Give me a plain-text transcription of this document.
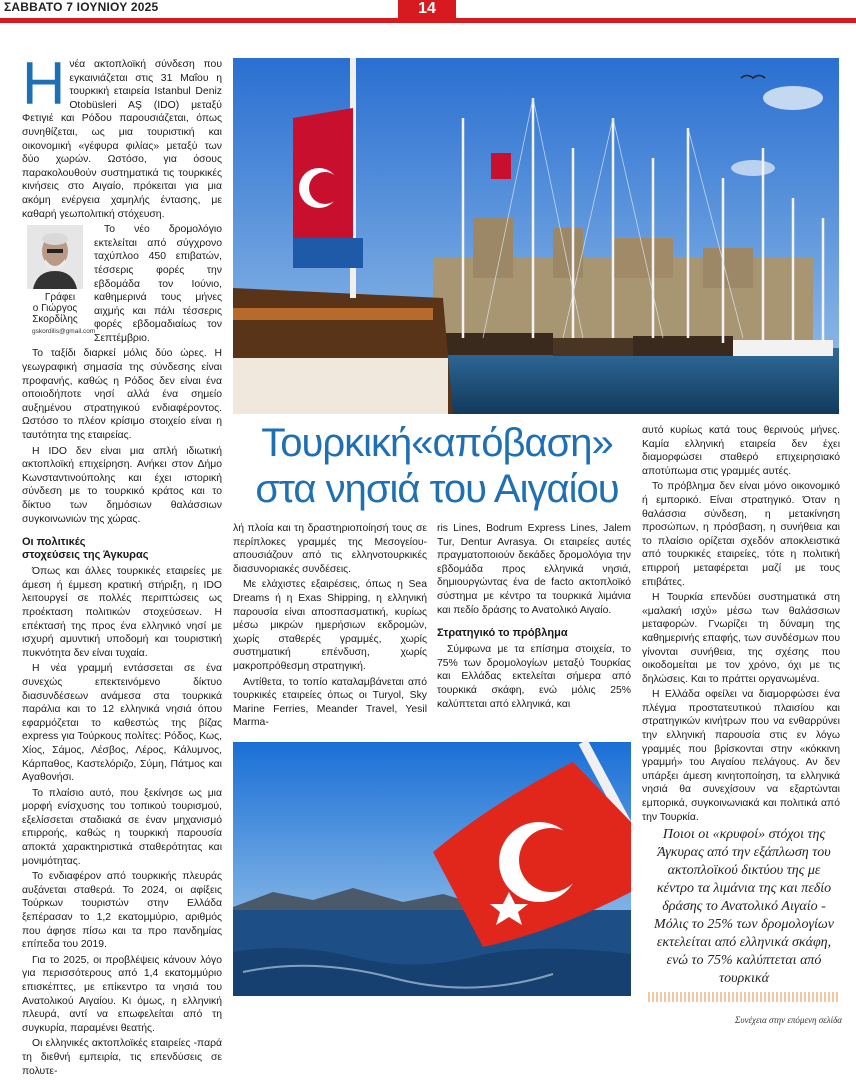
ΣΑΒΒΑΤΟ 7 ΙΟΥΝΙΟΥ 2025	14

Ηνέα ακτοπλοϊκή σύνδεση που εγκαινιάζεται στις 31 Μαΐου η τουρκική εταιρεία Istanbul Deniz Otobüsleri AŞ (IDO) μεταξύ Φετιγιέ και Ρόδου παρουσιάζεται, όπως συνηθίζεται, ως μια τουριστική και οικονομική «γέφυρα φιλίας» μεταξύ των δύο χωρών. Ωστόσο, για όσους παρακολουθούν συστηματικά τις τουρκικές κινήσεις στο Αιγαίο, πρόκειται για μια ακόμη ενέργεια χαμηλής έντασης, με καθαρή γεωπολιτική στόχευση.

Γράφει
ο Γιώργος Σκορδίλης
gskordilis@gmail.com
Το νέο δρομολόγιο εκτελείται από σύγχρονο ταχύπλοο 450 επιβατών, τέσσερις φορές την εβδομάδα τον Ιούνιο, καθημερινά τους μήνες αιχμής και πάλι τέσσερις φορές εβδομαδιαίως τον Σεπτέμβριο.

Το ταξίδι διαρκεί μόλις δύο ώρες. Η γεωγραφική σημασία της σύνδεσης είναι προφανής, καθώς η Ρόδος δεν είναι ένα οποιοδήποτε νησί αλλά ένα σημείο αυξημένου στρατηγικού ενδιαφέροντος. Ωστόσο το πλέον κρίσιμο στοιχείο είναι η ταυτότητα της εταιρείας.

Η IDO δεν είναι μια απλή ιδιωτική ακτοπλοϊκή επιχείρηση. Ανήκει στον Δήμο Κωνσταντινούπολης και έχει ιστορική σύνδεση με το τουρκικό κράτος και το δίκτυο των δημόσιων θαλάσσιων συγκοινωνιών της χώρας.

Οι πολιτικές
στοχεύσεις της Άγκυρας

Όπως και άλλες τουρκικές εταιρείες με άμεση ή έμμεση κρατική στήριξη, η IDO λειτουργεί σε πολλές περιπτώσεις ως προέκταση πολιτικών στοχεύσεων. Η επέκτασή της προς ένα ελληνικό νησί με ισχυρή αμυντική υποδομή και τουριστική πυκνότητα δεν είναι τυχαία.

Η νέα γραμμή εντάσσεται σε ένα συνεχώς επεκτεινόμενο δίκτυο διασυνδέσεων ανάμεσα στα τουρκικά παράλια και το 12 ελληνικά νησιά όπου εφαρμόζεται το καθεστώς της βίζας express για Τούρκους πολίτες: Ρόδος, Κως, Χίος, Σάμος, Λέσβος, Λέρος, Κάλυμνος, Κάρπαθος, Καστελόριζο, Σύμη, Πάτμος και Αγαθονήσι.

Το πλαίσιο αυτό, που ξεκίνησε ως μια μορφή ενίσχυσης του τοπικού τουρισμού, εξελίσσεται σταδιακά σε έναν μηχανισμό επιρροής, καθώς η τουρκική παρουσία αποκτά χαρακτηριστικά σταθερότητας και μονιμότητας.

Το ενδιαφέρον από τουρκικής πλευράς αυξάνεται σταθερά. Το 2024, οι αφίξεις Τούρκων τουριστών στην Ελλάδα ξεπέρασαν το 1,2 εκατομμύριο, αριθμός που άφησε πίσω και τα προ πανδημίας επίπεδα του 2019.

Για το 2025, οι προβλέψεις κάνουν λόγο για περισσότερους από 1,4 εκατομμύριο επισκέπτες, με επίκεντρο τα νησιά του Ανατολικού Αιγαίου. Κι όμως, η ελληνική πλευρά, αντί να επωφελείται από τη συγκυρία, παραμένει θεατής.

Οι ελληνικές ακτοπλοϊκές εταιρείες -παρά τη διεθνή εμπειρία, τις επενδύσεις σε πολυτε-

Τουρκική«απόβαση»
στα νησιά του Αιγαίου

λή πλοία και τη δραστηριοποίησή τους σε περίπλοκες γραμμές της Μεσογείου- απουσιάζουν από τις ελληνοτουρκικές διασυνοριακές συνδέσεις.

Με ελάχιστες εξαιρέσεις, όπως η Sea Dreams ή η Exas Shipping, η ελληνική παρουσία είναι αποσπασματική, κυρίως μέσω μικρών ημερήσιων εκδρομών, χωρίς σταθερές γραμμές, χωρίς συστηματική επένδυση, χωρίς μακροπρόθεσμη στρατηγική.

Αντίθετα, το τοπίο καταλαμβάνεται από τουρκικές εταιρείες όπως οι Turyol, Sky Marine Ferries, Meander Travel, Yesil Marma-

ris Lines, Bodrum Express Lines, Jalem Tur, Dentur Avrasya. Οι εταιρείες αυτές πραγματοποιούν δεκάδες δρομολόγια την εβδομάδα προς ελληνικά νησιά, δημιουργώντας ένα de facto ακτοπλοϊκό σύστημα με κέντρο τα τουρκικά λιμάνια και πεδίο δράσης το Ανατολικό Αιγαίο.

Στρατηγικό το πρόβλημα

Σύμφωνα με τα επίσημα στοιχεία, το 75% των δρομολογίων μεταξύ Τουρκίας και Ελλάδας εκτελείται σήμερα από τουρκικά σκάφη, ενώ μόλις 25% καλύπτεται από ελληνικά, και

αυτό κυρίως κατά τους θερινούς μήνες. Καμία ελληνική εταιρεία δεν έχει διαμορφώσει σταθερό επιχειρησιακό αποτύπωμα στις γραμμές αυτές.

Το πρόβλημα δεν είναι μόνο οικονομικό ή εμπορικό. Είναι στρατηγικό. Όταν η θαλάσσια σύνδεση, η μετακίνηση προσώπων, η πρόσβαση, η συνήθεια και το πλαίσιο ορίζεται σχεδόν αποκλειστικά από τουρκικές εταιρείες, τότε η πολιτική επιρροή μεταφέρεται μαζί με τους επιβάτες.

Η Τουρκία επενδύει συστηματικά στη «μαλακή ισχύ» μέσω των θαλάσσιων μεταφορών. Γνωρίζει τη δύναμη της καθημερινής επαφής, των συνδέσμων που γίνονται συνήθεια, της σχέσης που οικοδομείται με τον χρόνο, όχι με τις δηλώσεις. Και το πράττει οργανωμένα.

Η Ελλάδα οφείλει να διαμορφώσει ένα πλέγμα προστατευτικού πλαισίου και στρατηγικών κινήτρων που να ενθαρρύνει την ελληνική παρουσία στις εν λόγω γραμμές που βρίσκονται στην «κόκκινη γραμμή» του Αιγαίου πελάγους. Αν δεν υπάρξει άμεση κινητοποίηση, τα ελληνικά νησιά θα συνεχίσουν να εξαρτώνται εμπορικά, συγκοινωνιακά και πολιτικά από την Τουρκία.

Ποιοι οι «κρυφοί» στόχοι της Άγκυρας από την εξάπλωση του ακτοπλοϊκού δικτύου της με κέντρο τα λιμάνια της και πεδίο δράσης το Ανατολικό Αιγαίο - Μόλις το 25% των δρομολογίων εκτελείται από ελληνικά σκάφη, ενώ το 75% καλύπτεται από τουρκικά
Συνέχεια στην επόμενη σελίδα
